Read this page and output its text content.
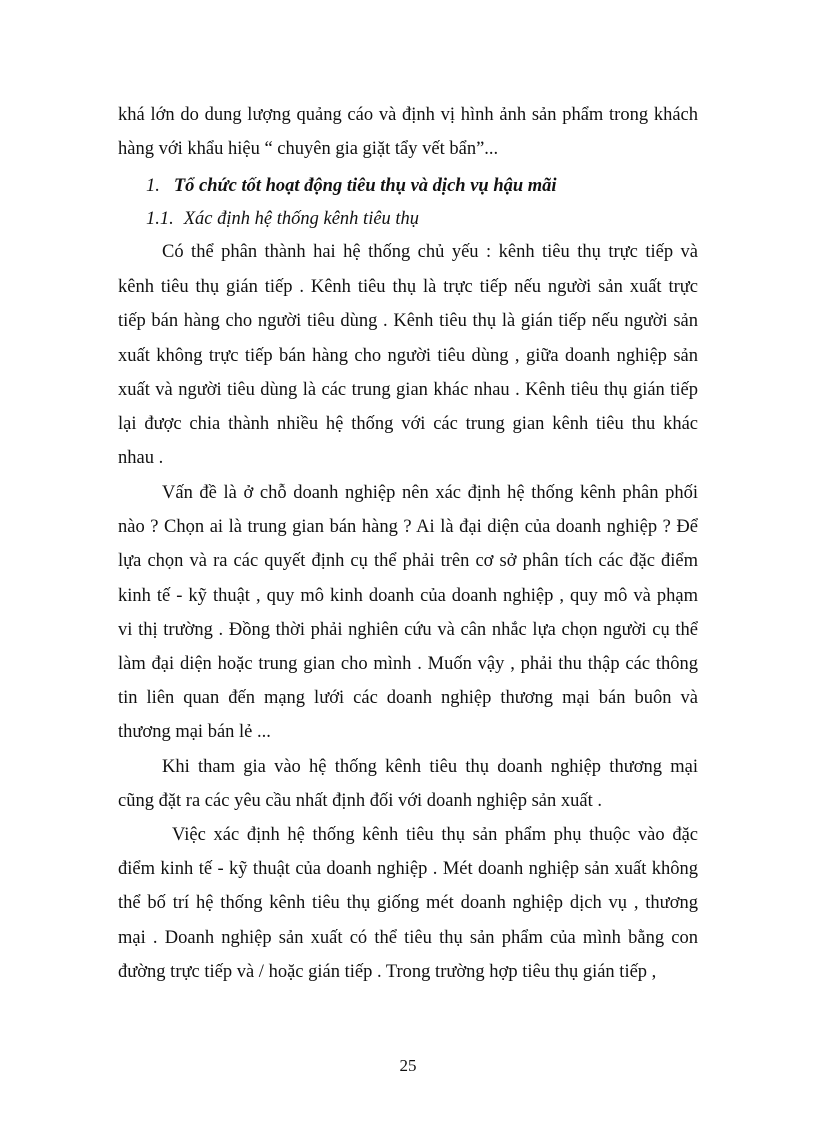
khá lớn do dung lượng quảng cáo và định vị hình ảnh sản phẩm trong khách
hàng với khẩu hiệu “ chuyên gia giặt tẩy vết bẩn”...
1. Tổ chức tốt hoạt động tiêu thụ và dịch vụ hậu mãi
1.1. Xác định hệ thống kênh tiêu thụ
Có thể phân thành hai hệ thống chủ yếu : kênh tiêu thụ trực tiếp và
kênh tiêu thụ gián tiếp . Kênh tiêu thụ là trực tiếp nếu người sản xuất trực
tiếp bán hàng cho người tiêu dùng . Kênh tiêu thụ là gián tiếp nếu người sản
xuất không trực tiếp bán hàng cho người tiêu dùng , giữa doanh nghiệp sản
xuất và người tiêu dùng là các trung gian khác nhau . Kênh tiêu thụ gián tiếp
lại được chia thành nhiều hệ thống với các trung gian kênh tiêu thu khác
nhau .
Vấn đề là ở chỗ doanh nghiệp nên xác định hệ thống kênh phân phối
nào ? Chọn ai là trung gian bán hàng ? Ai là đại diện của doanh nghiệp ? Để
lựa chọn và ra các quyết định cụ thể phải trên cơ sở phân tích các đặc điểm
kinh tế - kỹ thuật , quy mô kinh doanh của doanh nghiệp , quy mô và phạm
vi thị trường . Đồng thời phải nghiên cứu và cân nhắc lựa chọn người cụ thể
làm đại diện hoặc trung gian cho mình . Muốn vậy , phải thu thập các thông
tin liên quan đến mạng lưới các doanh nghiệp thương mại bán buôn và
thương mại bán lẻ ...
Khi tham gia vào hệ thống kênh tiêu thụ doanh nghiệp thương mại
cũng đặt ra các yêu cầu nhất định đối với doanh nghiệp sản xuất .
Việc xác định hệ thống kênh tiêu thụ sản phẩm phụ thuộc vào đặc
điểm kinh tế - kỹ thuật của doanh nghiệp . Mét doanh nghiệp sản xuất không
thể bố trí hệ thống kênh tiêu thụ giống mét doanh nghiệp dịch vụ , thương
mại . Doanh nghiệp sản xuất có thể tiêu thụ sản phẩm của mình bằng con
đường trực tiếp và / hoặc gián tiếp . Trong trường hợp tiêu thụ gián tiếp ,
25
